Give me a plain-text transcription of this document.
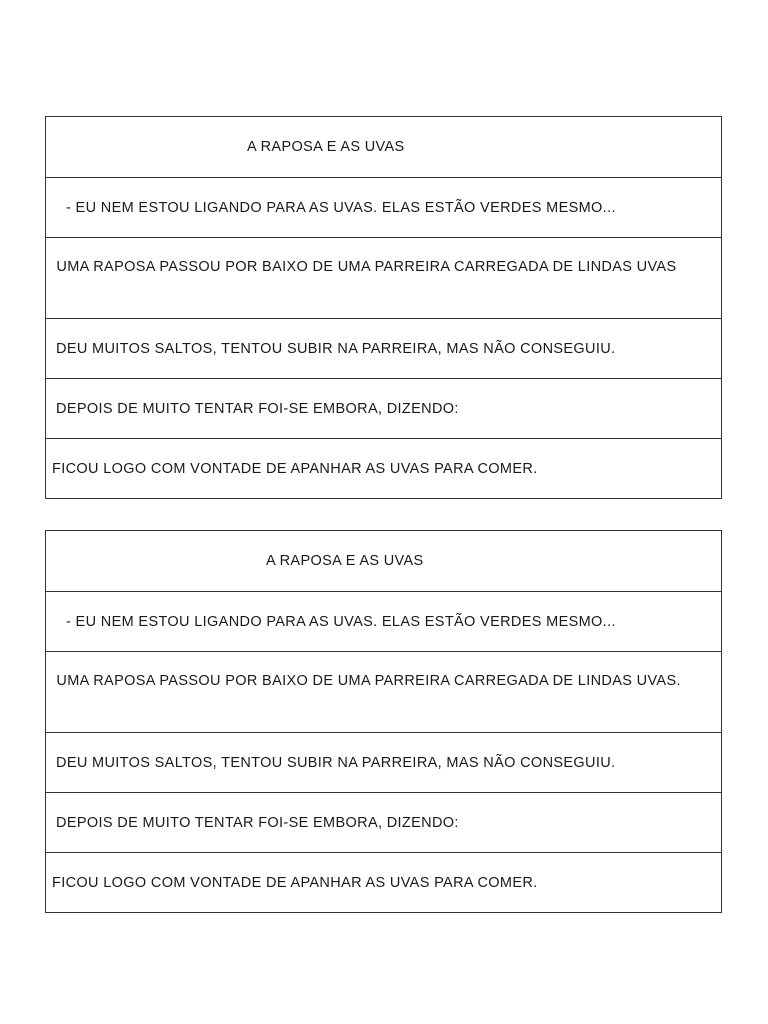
A RAPOSA E AS UVAS
- EU NEM ESTOU LIGANDO PARA AS UVAS. ELAS ESTÃO VERDES MESMO...
UMA RAPOSA PASSOU POR BAIXO DE UMA PARREIRA CARREGADA DE LINDAS UVAS
DEU MUITOS SALTOS, TENTOU SUBIR NA PARREIRA, MAS NÃO CONSEGUIU.
DEPOIS DE MUITO TENTAR FOI-SE EMBORA, DIZENDO:
FICOU LOGO COM VONTADE DE APANHAR AS UVAS PARA COMER.
A RAPOSA E AS UVAS
- EU NEM ESTOU LIGANDO PARA AS UVAS. ELAS ESTÃO VERDES MESMO...
UMA RAPOSA PASSOU POR BAIXO DE UMA PARREIRA CARREGADA DE LINDAS UVAS.
DEU MUITOS SALTOS, TENTOU SUBIR NA PARREIRA, MAS NÃO CONSEGUIU.
DEPOIS DE MUITO TENTAR FOI-SE EMBORA, DIZENDO:
FICOU LOGO COM VONTADE DE APANHAR AS UVAS PARA COMER.
